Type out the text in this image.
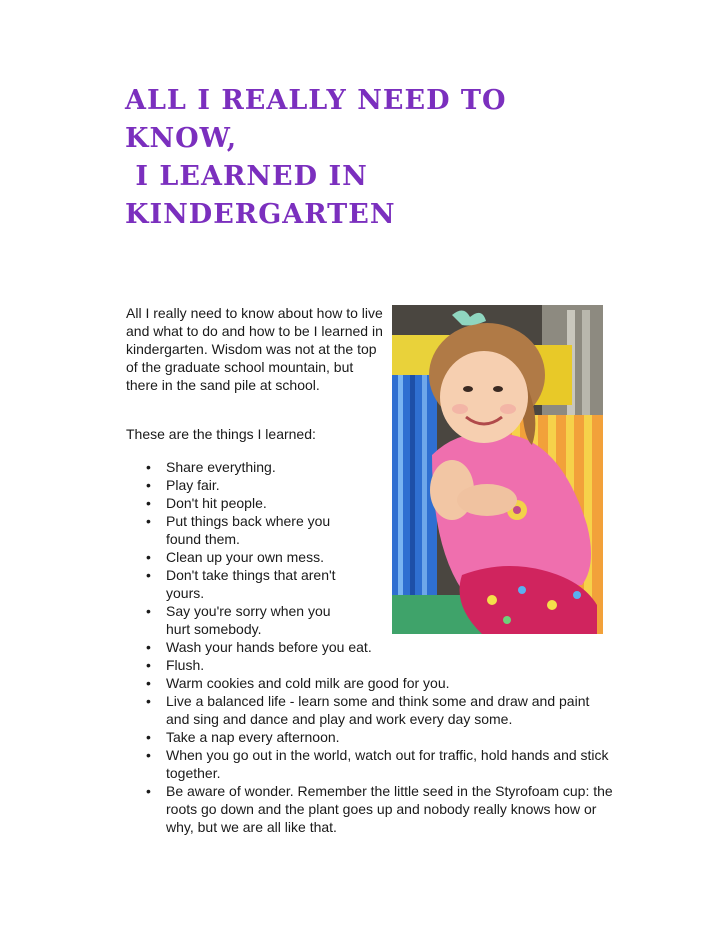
ALL I REALLY NEED TO
KNOW,
I LEARNED IN
KINDERGARTEN

All I really need to know about how to live and what to do and how to be I learned in kindergarten. Wisdom was not at the top of the graduate school mountain, but there in the sand pile at school.

These are the things I learned:

• Share everything.
• Play fair.
• Don't hit people.
• Put things back where you found them.
• Clean up your own mess.
• Don't take things that aren't yours.
• Say you're sorry when you hurt somebody.
• Wash your hands before you eat.
• Flush.
• Warm cookies and cold milk are good for you.
• Live a balanced life - learn some and think some and draw and paint and sing and dance and play and work every day some.
• Take a nap every afternoon.
• When you go out in the world, watch out for traffic, hold hands and stick together.
• Be aware of wonder. Remember the little seed in the Styrofoam cup: the roots go down and the plant goes up and nobody really knows how or why, but we are all like that.
